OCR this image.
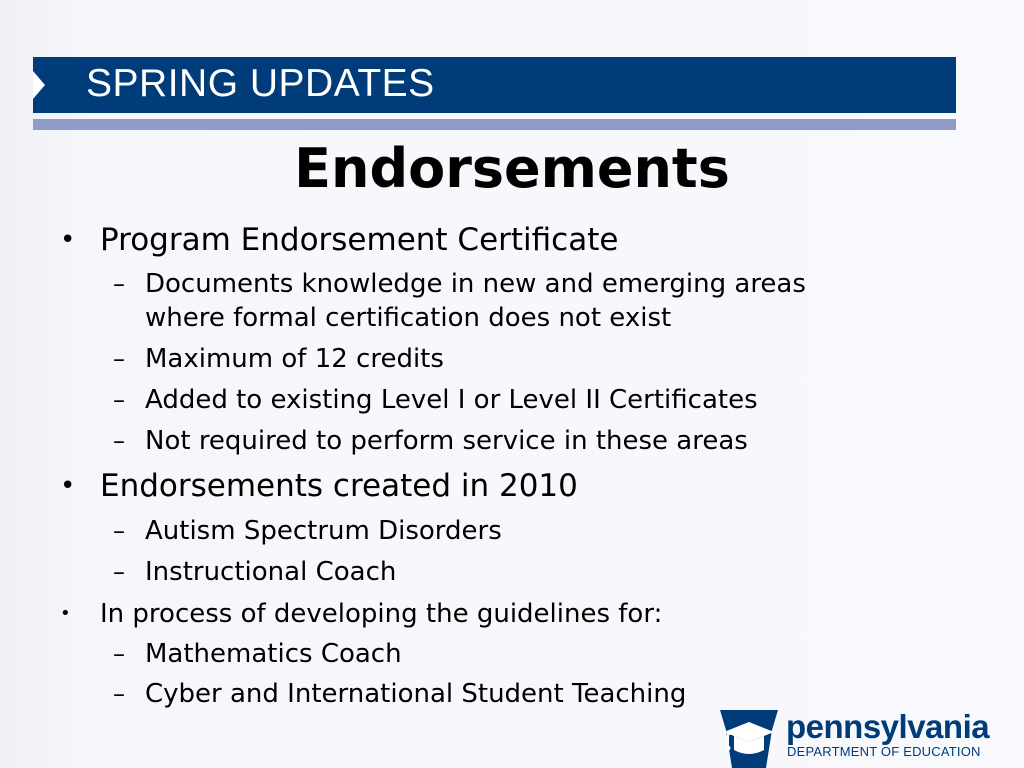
SPRING UPDATES
Endorsements
• Program Endorsement Certificate
– Documents knowledge in new and emerging areas
where formal certification does not exist
– Maximum of 12 credits
– Added to existing Level I or Level II Certificates
– Not required to perform service in these areas
• Endorsements created in 2010
– Autism Spectrum Disorders
– Instructional Coach
• In process of developing the guidelines for:
– Mathematics Coach
– Cyber and International Student Teaching
pennsylvania
DEPARTMENT OF EDUCATION
